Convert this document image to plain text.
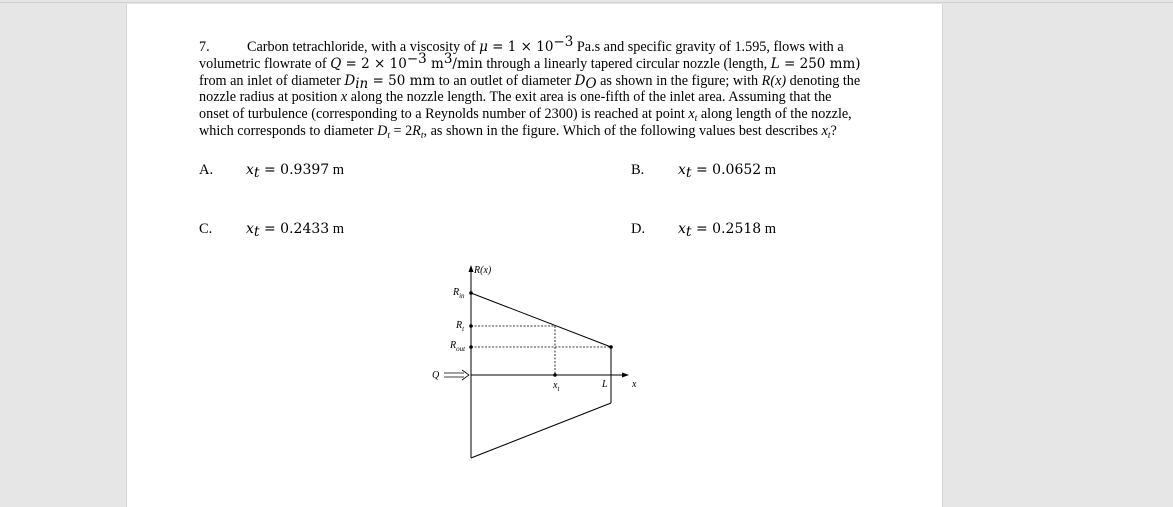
7.	Carbon tetrachloride, with a viscosity of $\mu = 1 \times 10^{-3}$ Pa.s and specific gravity of 1.595, flows with a
volumetric flowrate of $Q = 2 \times 10^{-3}$ $m^3/\min$ through a linearly tapered circular nozzle (length, L = 250 mm)
from an inlet of diameter $D_{in} = 50$ mm to an outlet of diameter $D_O$ as shown in the figure; with R(x) denoting the
nozzle radius at position x along the nozzle length. The exit area is one-fifth of the inlet area. Assuming that the
onset of turbulence (corresponding to a Reynolds number of 2300) is reached at point $x_t$ along length of the nozzle,
which corresponds to diameter $D_t = 2R_t$, as shown in the figure. Which of the following values best describes $x_t$?
A. $x_t = 0.9397$ m	B. $x_t = 0.0652$ m
C. $x_t = 0.2433$ m	D. $x_t = 0.2518$ m
R(x)
$R_{in}$
$R_t$
$R_{out}$
Q
$x_t$	L x
